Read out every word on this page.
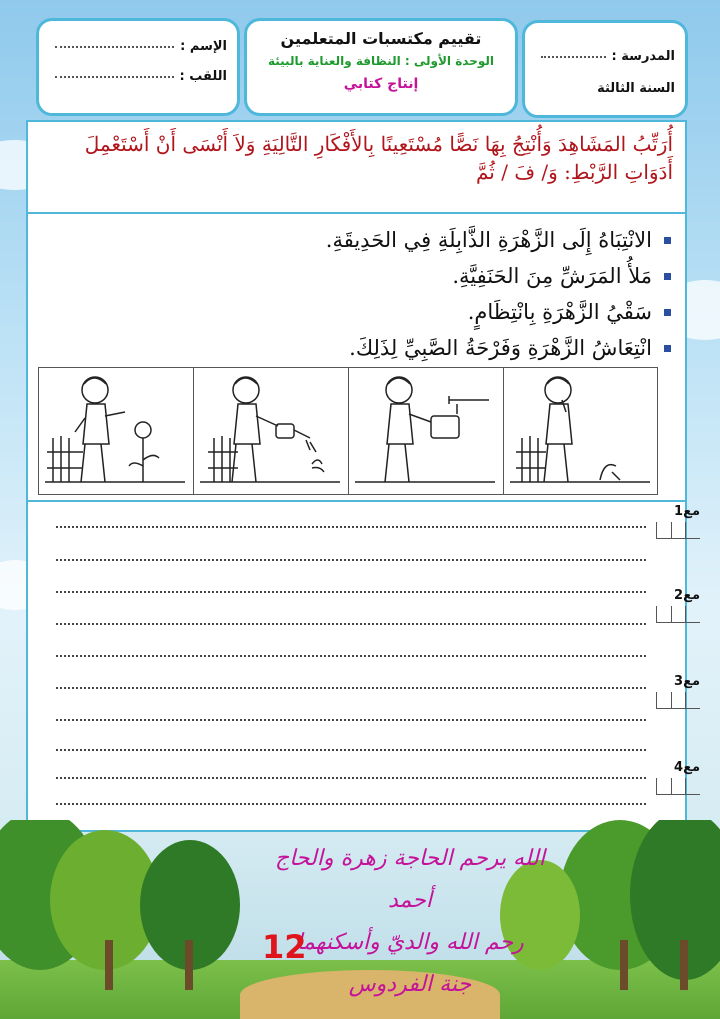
الإسم :
اللقب :
تقييم مكتسبات المتعلمين
الوحدة الأولى : النظافة والعناية بالبيئة
إنتاج كتابي
المدرسة :
السنة الثالثة
أُرَتِّبُ المَشَاهِدَ وَأُنْتِجُ بِهَا نَصًّا مُسْتَعِينًا بِالأَفْكَارِ التَّالِيَةِ وَلاَ أَنْسَى أَنْ أَسْتَعْمِلَ أَدَوَاتِ الرَّبْطِ: وَ/ فَ / ثُمَّ
الانْتِبَاهُ إِلَى الزَّهْرَةِ الذَّابِلَةِ فِي الحَدِيقَةِ.
مَلأُ المَرَشِّ مِنَ الحَنَفِيَّةِ.
سَقْيُ الزَّهْرَةِ بِانْتِظَامٍ.
انْتِعَاشُ الزَّهْرَةِ وَفَرْحَةُ الصَّبِيِّ لِذَلِكَ.
مع1
مع2
مع3
مع4
الله يرحم الحاجة زهرة والحاج أحمد
رحم الله والديّ وأسكنهما
جنة الفردوس
12
